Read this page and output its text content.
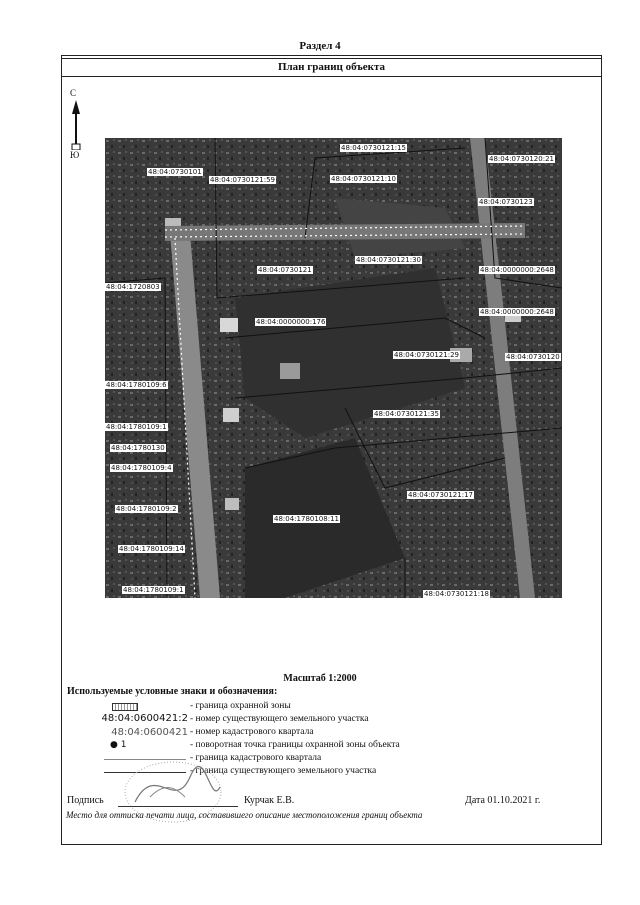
Раздел 4
План границ объекта
С
Ю
48:04:0730121:15
48:04:0730120:21
48:04:0730101
48:04:0730121:59	48:04:0730121:10
48:04:0730123
48:04:0730121
48:04:0730121:30
48:04:0000000:2648
48:04:1720803
48:04:0000000:176
48:04:0000000:2648
48:04:0730121:29	48:04:0730120
48:04:1780109:6
48:04:0730121:35
48:04:1780109:1
48:04:1780130
48:04:1780109:4
48:04:0730121:17
48:04:1780109:2
48:04:1780108:11
48:04:1780109:14
48:04:1780109:1	48:04:0730121:18
Масштаб 1:2000
Используемые условные знаки и обозначения:
- граница охранной зоны
48:04:0600421:2 - номер существующего земельного участка
48:04:0600421 - номер кадастрового квартала
● 1	- поворотная точка границы охранной зоны объекта
- граница кадастрового квартала
- граница существующего земельного участка
Подпись	Курчак Е.В.	Дата 01.10.2021 г.
Место для оттиска печати лица, составившего описание местоположения границ объекта
